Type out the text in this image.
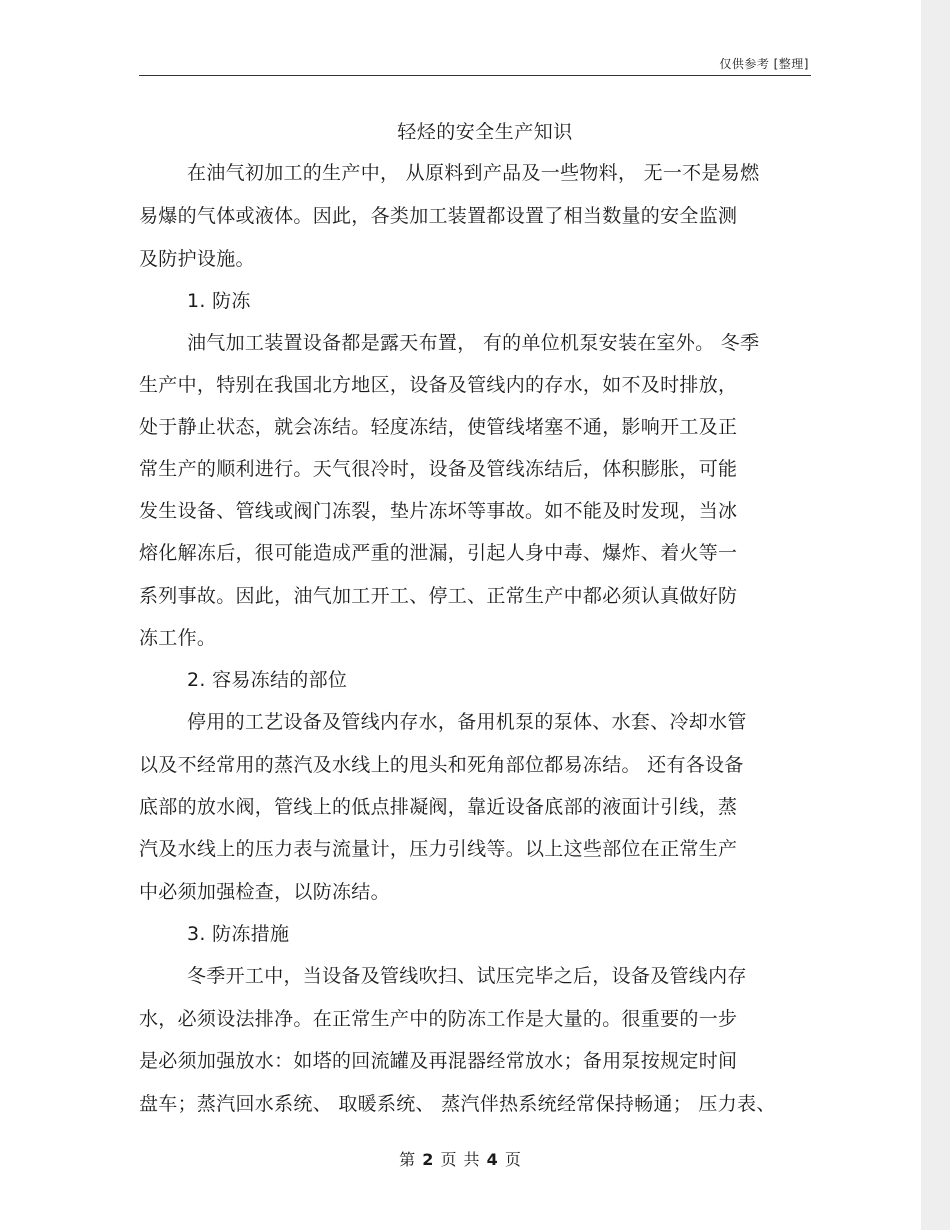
仅供参考 [整理]
轻烃的安全生产知识
在油气初加工的生产中， 从原料到产品及一些物料， 无一不是易燃
易爆的气体或液体。因此，各类加工装置都设置了相当数量的安全监测
及防护设施。
1. 防冻
油气加工装置设备都是露天布置， 有的单位机泵安装在室外。 冬季
生产中，特别在我国北方地区，设备及管线内的存水，如不及时排放，
处于静止状态，就会冻结。轻度冻结，使管线堵塞不通，影响开工及正
常生产的顺利进行。天气很冷时，设备及管线冻结后，体积膨胀，可能
发生设备、管线或阀门冻裂，垫片冻坏等事故。如不能及时发现，当冰
熔化解冻后，很可能造成严重的泄漏，引起人身中毒、爆炸、着火等一
系列事故。因此，油气加工开工、停工、正常生产中都必须认真做好防
冻工作。
2. 容易冻结的部位
停用的工艺设备及管线内存水，备用机泵的泵体、水套、冷却水管
以及不经常用的蒸汽及水线上的甩头和死角部位都易冻结。 还有各设备
底部的放水阀，管线上的低点排凝阀，靠近设备底部的液面计引线，蒸
汽及水线上的压力表与流量计，压力引线等。以上这些部位在正常生产
中必须加强检查，以防冻结。
3. 防冻措施
冬季开工中，当设备及管线吹扫、试压完毕之后，设备及管线内存
水，必须设法排净。在正常生产中的防冻工作是大量的。很重要的一步
是必须加强放水：如塔的回流罐及再混器经常放水；备用泵按规定时间
盘车；蒸汽回水系统、 取暖系统、 蒸汽伴热系统经常保持畅通； 压力表、
第 2 页 共 4 页
